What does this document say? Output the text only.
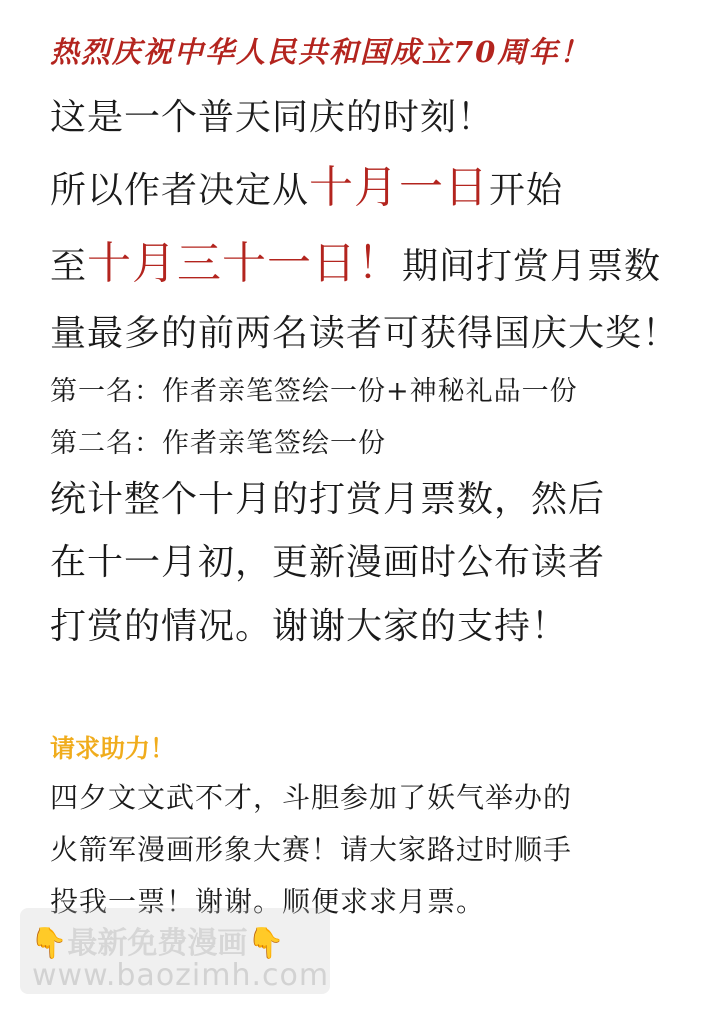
热烈庆祝中华人民共和国成立70周年！
这是一个普天同庆的时刻！
所以作者决定从十月一日开始
至十月三十一日！期间打赏月票数
量最多的前两名读者可获得国庆大奖！
第一名：作者亲笔签绘一份+神秘礼品一份
第二名：作者亲笔签绘一份
统计整个十月的打赏月票数，然后
在十一月初，更新漫画时公布读者
打赏的情况。谢谢大家的支持！
请求助力！
四夕文文武不才，斗胆参加了妖气举办的
火箭军漫画形象大赛！请大家路过时顺手
投我一票！谢谢。顺便求求月票。
👇最新免费漫画👇
www.baozimh.com
